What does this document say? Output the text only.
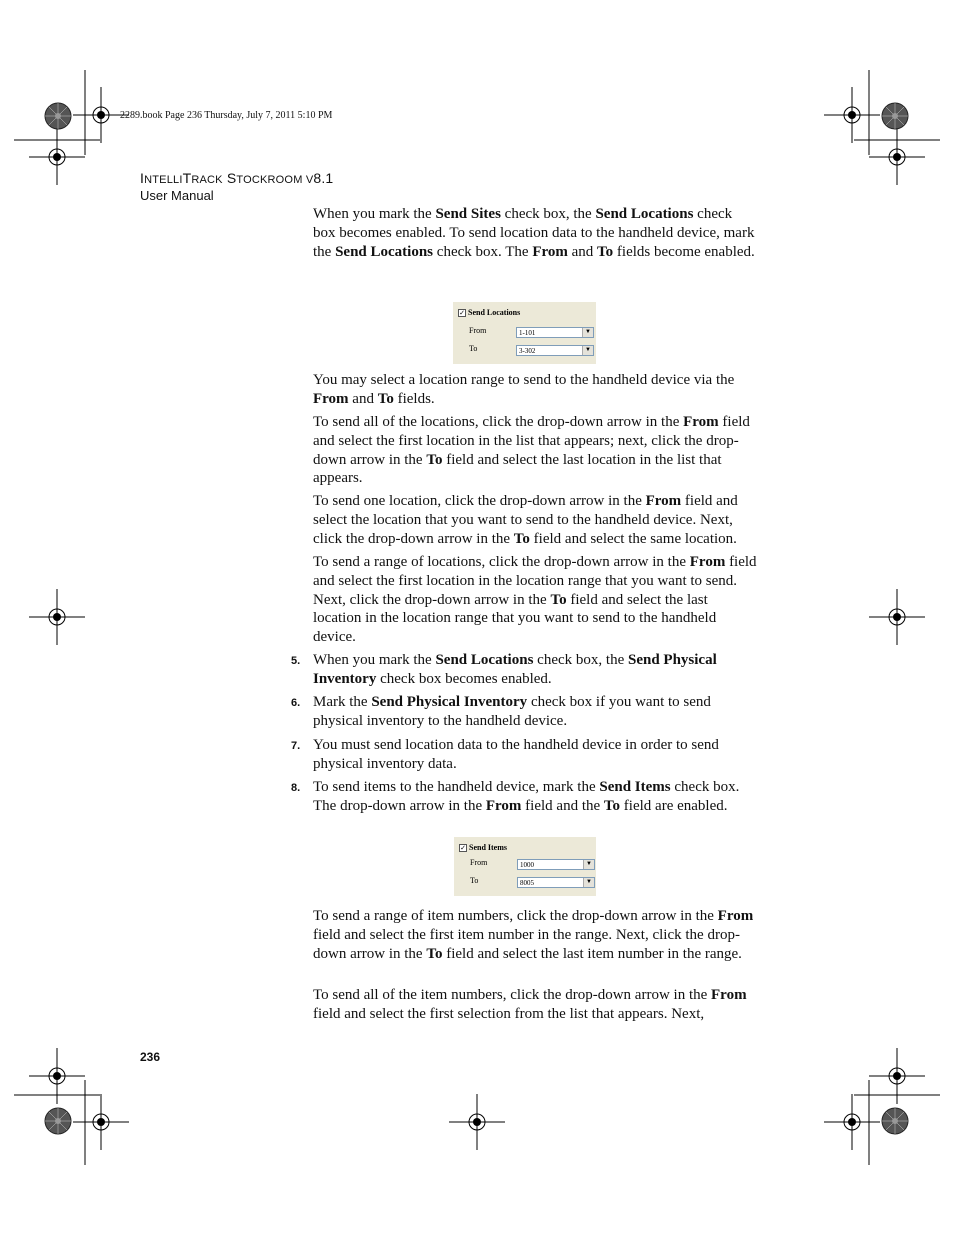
2289.book Page 236 Thursday, July 7, 2011 5:10 PM
INTELLITRACK STOCKROOM V8.1
User Manual

When you mark the Send Sites check box, the Send Locations check box becomes enabled. To send location data to the handheld device, mark the Send Locations check box. The From and To fields become enabled.

✓ Send Locations
From	1-101	▼
To	3-302	▼

You may select a location range to send to the handheld device via the From and To fields.

To send all of the locations, click the drop-down arrow in the From field and select the first location in the list that appears; next, click the drop-down arrow in the To field and select the last location in the list that appears.

To send one location, click the drop-down arrow in the From field and select the location that you want to send to the handheld device. Next, click the drop-down arrow in the To field and select the same location.

To send a range of locations, click the drop-down arrow in the From field and select the first location in the location range that you want to send. Next, click the drop-down arrow in the To field and select the last location in the location range that you want to send to the handheld device.

5. When you mark the Send Locations check box, the Send Physical Inventory check box becomes enabled.

6. Mark the Send Physical Inventory check box if you want to send physical inventory to the handheld device.

7. You must send location data to the handheld device in order to send physical inventory data.

8. To send items to the handheld device, mark the Send Items check box. The drop-down arrow in the From field and the To field are enabled.

✓ Send Items
From	1000	▼
To	8005	▼

To send a range of item numbers, click the drop-down arrow in the From field and select the first item number in the range. Next, click the drop-down arrow in the To field and select the last item number in the range.

To send all of the item numbers, click the drop-down arrow in the From field and select the first selection from the list that appears. Next,

236
